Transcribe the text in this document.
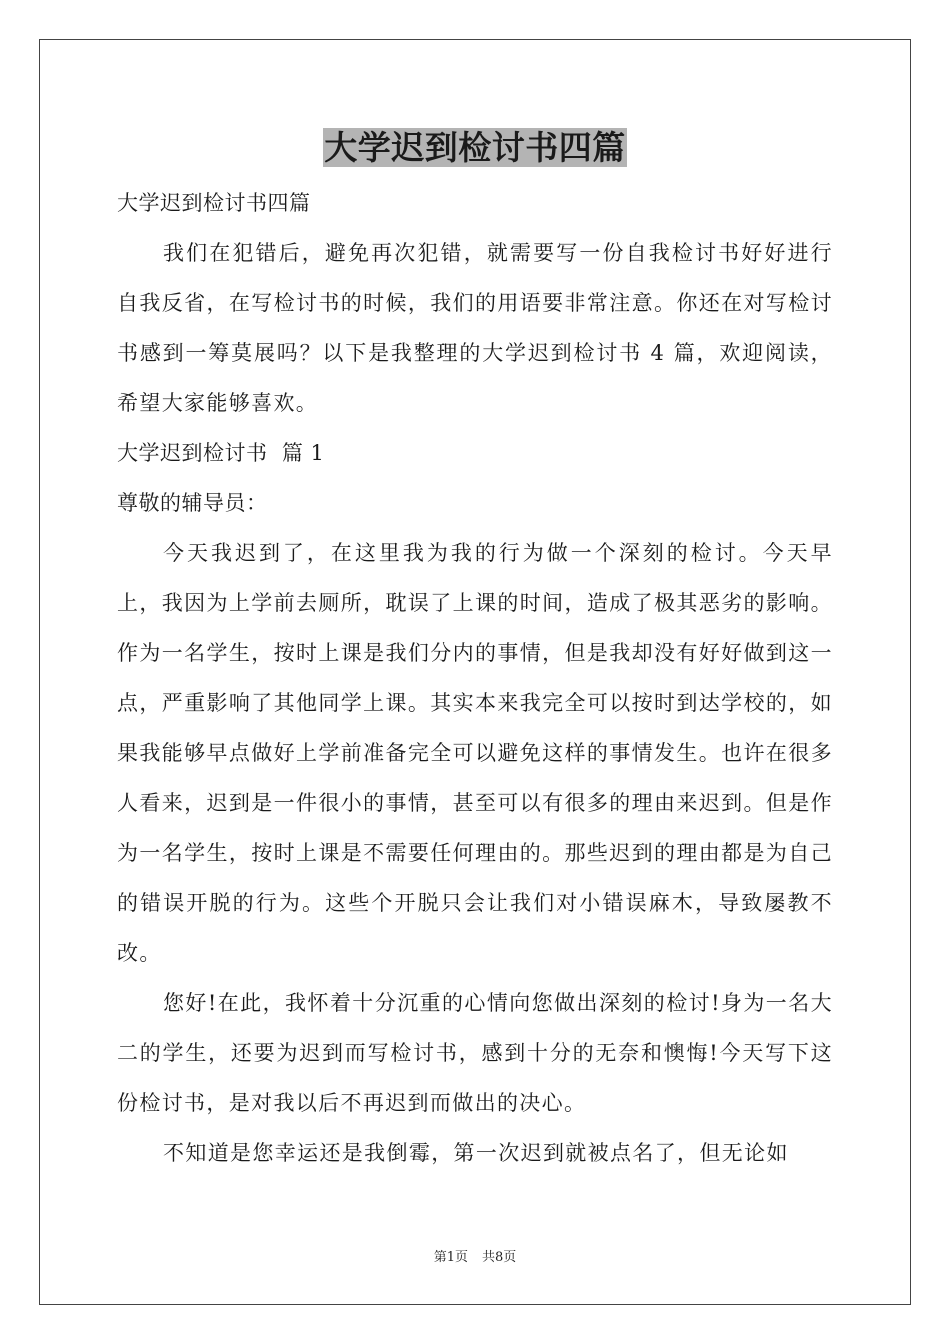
大学迟到检讨书四篇

大学迟到检讨书四篇

我们在犯错后，避免再次犯错，就需要写一份自我检讨书好好进行自我反省，在写检讨书的时候，我们的用语要非常注意。你还在对写检讨书感到一筹莫展吗？以下是我整理的大学迟到检讨书 4 篇，欢迎阅读，希望大家能够喜欢。

大学迟到检讨书  篇 1

尊敬的辅导员：

今天我迟到了，在这里我为我的行为做一个深刻的检讨。今天早上，我因为上学前去厕所，耽误了上课的时间，造成了极其恶劣的影响。作为一名学生，按时上课是我们分内的事情，但是我却没有好好做到这一点，严重影响了其他同学上课。其实本来我完全可以按时到达学校的，如果我能够早点做好上学前准备完全可以避免这样的事情发生。也许在很多人看来，迟到是一件很小的事情，甚至可以有很多的理由来迟到。但是作为一名学生，按时上课是不需要任何理由的。那些迟到的理由都是为自己的错误开脱的行为。这些个开脱只会让我们对小错误麻木，导致屡教不改。

您好!在此，我怀着十分沉重的心情向您做出深刻的检讨!身为一名大二的学生，还要为迟到而写检讨书，感到十分的无奈和懊悔!今天写下这份检讨书，是对我以后不再迟到而做出的决心。

不知道是您幸运还是我倒霉，第一次迟到就被点名了，但无论如

第1页 共8页
